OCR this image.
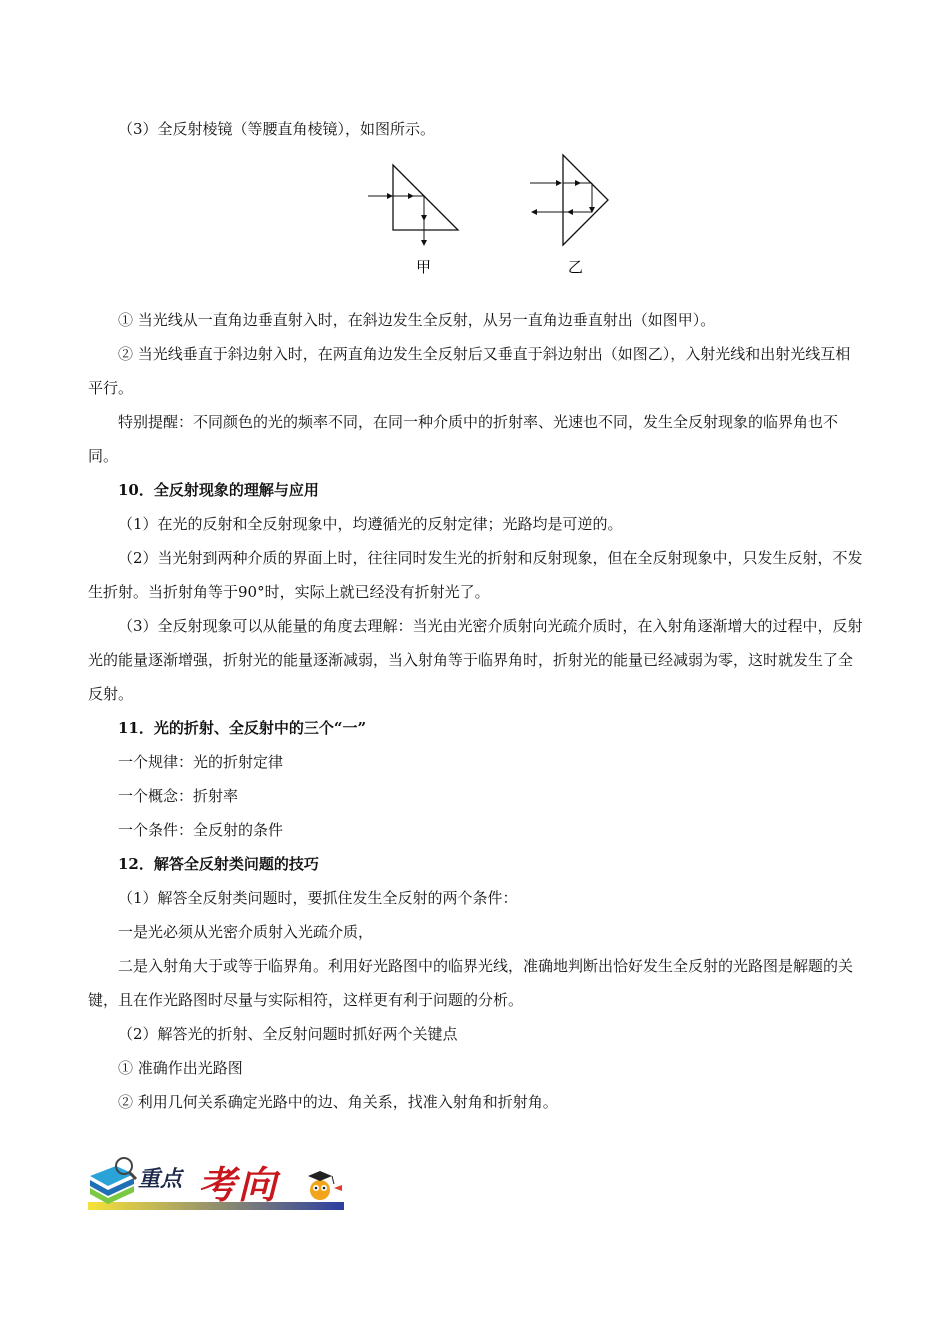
（3）全反射棱镜（等腰直角棱镜），如图所示。

甲	乙

① 当光线从一直角边垂直射入时，在斜边发生全反射，从另一直角边垂直射出（如图甲）。

② 当光线垂直于斜边射入时，在两直角边发生全反射后又垂直于斜边射出（如图乙），入射光线和出射光线互相平行。

特别提醒：不同颜色的光的频率不同，在同一种介质中的折射率、光速也不同，发生全反射现象的临界角也不同。

10．全反射现象的理解与应用

（1）在光的反射和全反射现象中，均遵循光的反射定律；光路均是可逆的。

（2）当光射到两种介质的界面上时，往往同时发生光的折射和反射现象，但在全反射现象中，只发生反射，不发生折射。当折射角等于90°时，实际上就已经没有折射光了。

（3）全反射现象可以从能量的角度去理解：当光由光密介质射向光疏介质时，在入射角逐渐增大的过程中，反射光的能量逐渐增强，折射光的能量逐渐减弱，当入射角等于临界角时，折射光的能量已经减弱为零，这时就发生了全反射。

11．光的折射、全反射中的三个“一”

一个规律：光的折射定律

一个概念：折射率

一个条件：全反射的条件

12．解答全反射类问题的技巧

（1）解答全反射类问题时，要抓住发生全反射的两个条件：

一是光必须从光密介质射入光疏介质，

二是入射角大于或等于临界角。利用好光路图中的临界光线，准确地判断出恰好发生全反射的光路图是解题的关键，且在作光路图时尽量与实际相符，这样更有利于问题的分析。

（2）解答光的折射、全反射问题时抓好两个关键点

① 准确作出光路图

② 利用几何关系确定光路中的边、角关系，找准入射角和折射角。

重点 考向
